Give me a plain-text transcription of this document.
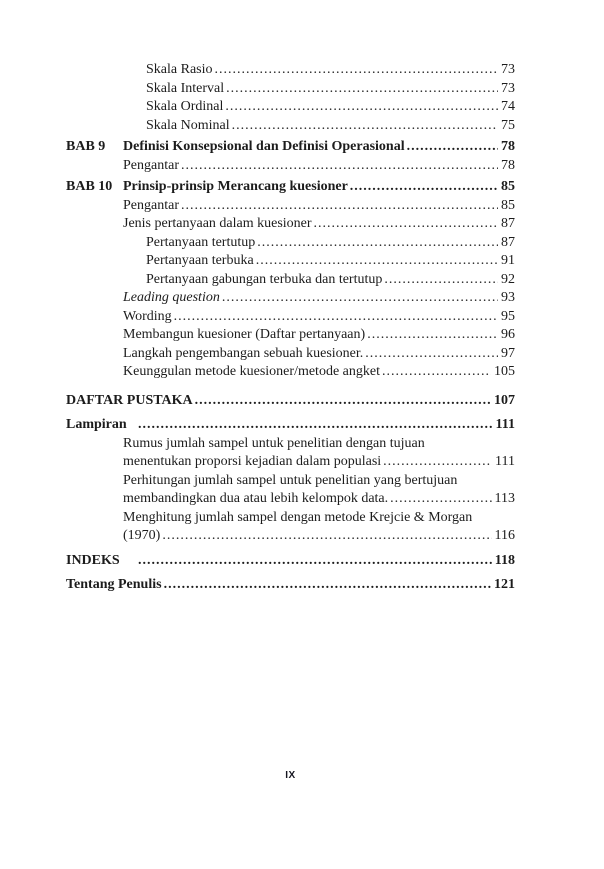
Skala Rasio .....	73
Skala Interval .....	73
Skala Ordinal .....	74
Skala Nominal .....	75
BAB 9	Definisi Konsepsional dan Definisi Operasional .....	78
Pengantar .....	78
BAB 10 Prinsip-prinsip Merancang kuesioner .....	85
Pengantar .....	85
Jenis pertanyaan dalam kuesioner .....	87
Pertanyaan tertutup .....	87
Pertanyaan terbuka .....	91
Pertanyaan gabungan terbuka dan tertutup .....	92
Leading question .....	93
Wording .....	95
Membangun kuesioner (Daftar pertanyaan) .....	96
Langkah pengembangan sebuah kuesioner. .....	97
Keunggulan metode kuesioner/metode angket .....	105
DAFTAR PUSTAKA .....	107
Lampiran .....	111
Rumus jumlah sampel untuk penelitian dengan tujuan
menentukan proporsi kejadian dalam populasi .....	111
Perhitungan jumlah sampel untuk penelitian yang bertujuan
membandingkan dua atau lebih kelompok data. .....	113
Menghitung jumlah sampel dengan metode Krejcie & Morgan
(1970) .....	116
INDEKS .....	118
Tentang Penulis .....	121
IX
